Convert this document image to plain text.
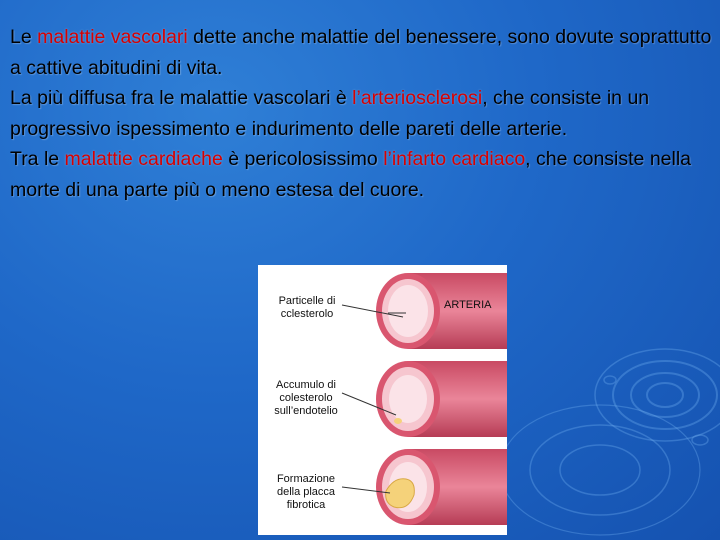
Le malattie vascolari dette anche malattie del benessere, sono dovute soprattutto a cattive abitudini di vita.

La più diffusa fra le malattie vascolari è l’arteriosclerosi, che consiste in un progressivo ispessimento e indurimento delle pareti delle arterie.

Tra le malattie cardiache è pericolosissimo l’infarto cardiaco, che consiste nella morte di una parte più o meno estesa del cuore.

Particelle di
cclesterolo
Accumulo di
colesterolo
sull’endotelio
Formazione
della placca
fibrotica
ARTERIA
